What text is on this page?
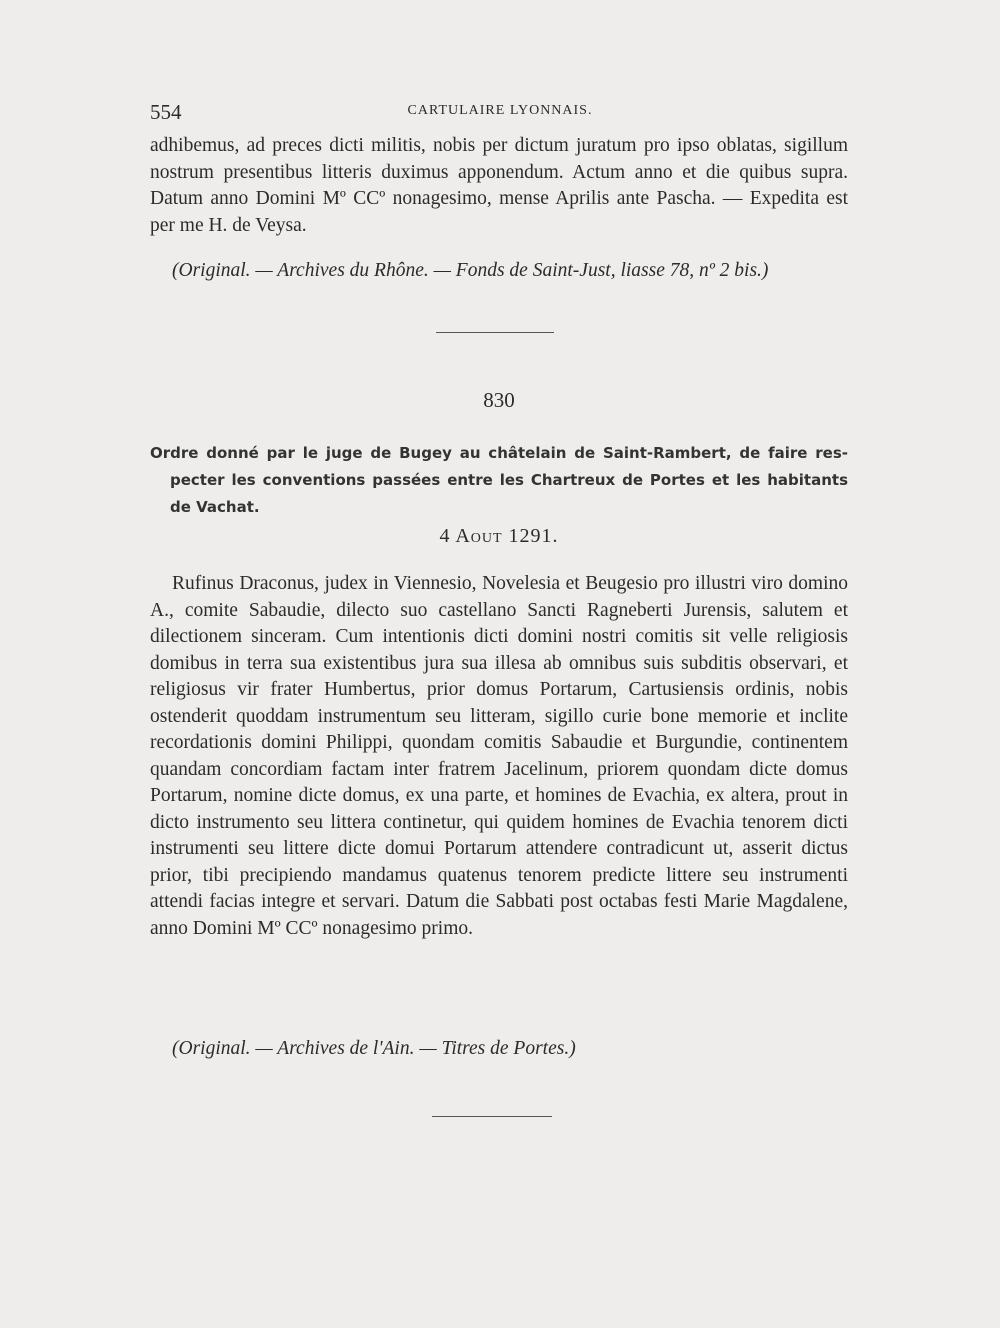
554	CARTULAIRE LYONNAIS.

adhibemus, ad preces dicti militis, nobis per dictum juratum pro ipso oblatas, sigillum nostrum presentibus litteris duximus apponendum. Actum anno et die quibus supra. Datum anno Domini Mº CCº nonagesimo, mense Aprilis ante Pascha. — Expedita est per me H. de Veysa.

(Original. — Archives du Rhône. — Fonds de Saint-Just, liasse 78, nº 2 bis.)

830
Ordre donné par le juge de Bugey au châtelain de Saint-Rambert, de faire res-
pecter les conventions passées entre les Chartreux de Portes et les habitants
de Vachat.
4 Aout 1291.

Rufinus Draconus, judex in Viennesio, Novelesia et Beugesio pro illustri viro domino A., comite Sabaudie, dilecto suo castellano Sancti Ragneberti Jurensis, salutem et dilectionem sinceram. Cum intentionis dicti domini nostri comitis sit velle religiosis domibus in terra sua existentibus jura sua illesa ab omnibus suis subditis observari, et religiosus vir frater Humbertus, prior domus Portarum, Cartusiensis ordinis, nobis ostenderit quoddam instrumentum seu litteram, sigillo curie bone memorie et inclite recordationis domini Philippi, quondam comitis Sabaudie et Burgundie, continentem quandam concordiam factam inter fratrem Jacelinum, priorem quondam dicte domus Portarum, nomine dicte domus, ex una parte, et homines de Evachia, ex altera, prout in dicto instrumento seu littera continetur, qui quidem homines de Evachia tenorem dicti instrumenti seu littere dicte domui Portarum attendere contradicunt ut, asserit dictus prior, tibi precipiendo mandamus quatenus tenorem predicte littere seu instrumenti attendi facias integre et servari. Datum die Sabbati post octabas festi Marie Magdalene, anno Domini Mº CCº nonagesimo primo.

(Original. — Archives de l'Ain. — Titres de Portes.)
